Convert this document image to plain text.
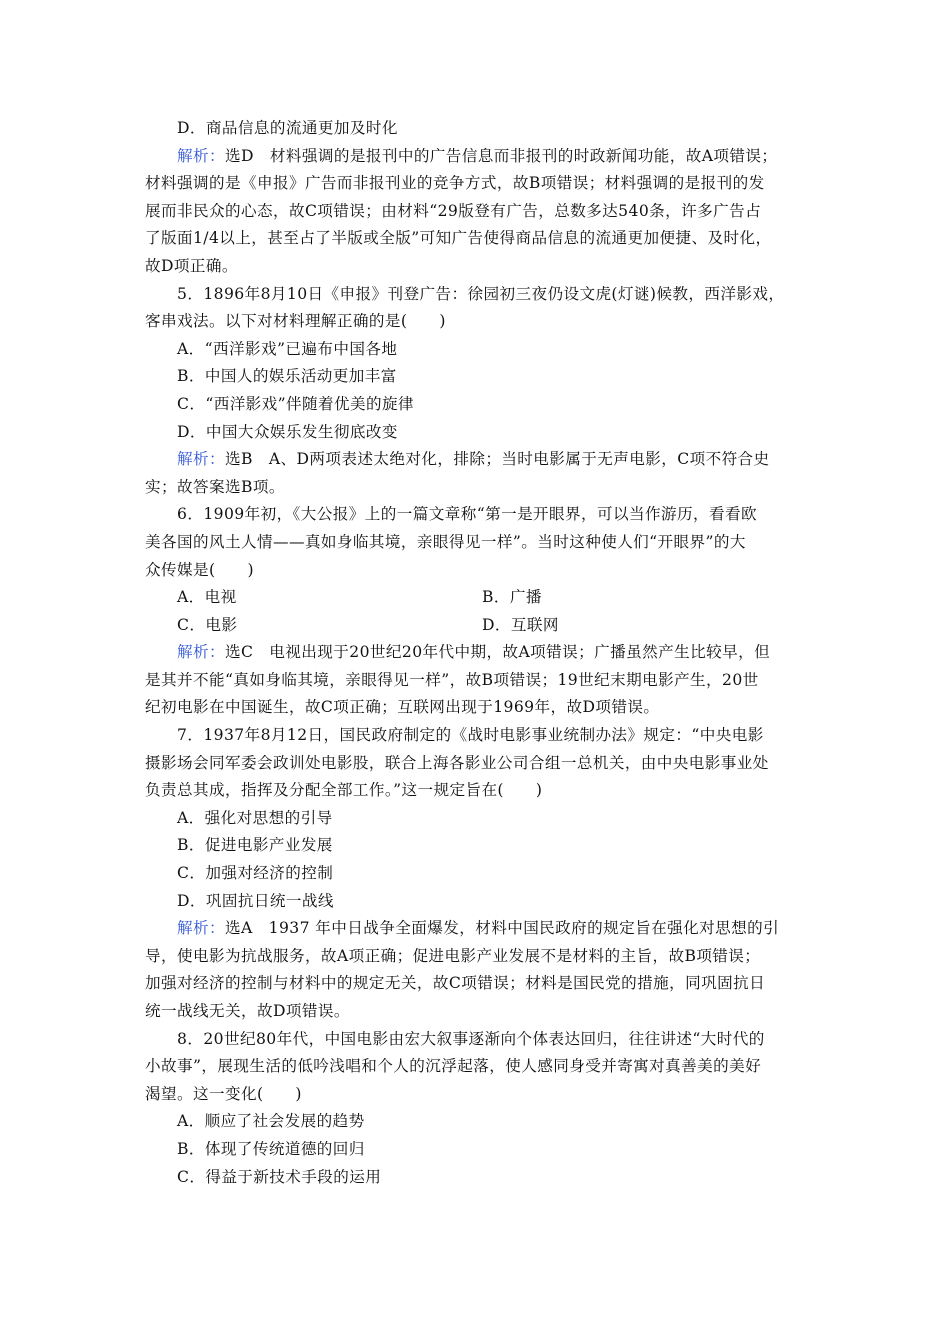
D．商品信息的流通更加及时化
解析：选D　材料强调的是报刊中的广告信息而非报刊的时政新闻功能，故A项错误；
材料强调的是《申报》广告而非报刊业的竞争方式，故B项错误；材料强调的是报刊的发
展而非民众的心态，故C项错误；由材料“29版登有广告，总数多达540条，许多广告占
了版面1/4以上，甚至占了半版或全版”可知广告使得商品信息的流通更加便捷、及时化，
故D项正确。
5．1896年8月10日《申报》刊登广告：徐园初三夜仍设文虎(灯谜)候教，西洋影戏，
客串戏法。以下对材料理解正确的是(　　)
A．“西洋影戏”已遍布中国各地
B．中国人的娱乐活动更加丰富
C．“西洋影戏”伴随着优美的旋律
D．中国大众娱乐发生彻底改变
解析：选B　A、D两项表述太绝对化，排除；当时电影属于无声电影，C项不符合史
实；故答案选B项。
6．1909年初，《大公报》上的一篇文章称“第一是开眼界，可以当作游历，看看欧
美各国的风土人情——真如身临其境，亲眼得见一样”。当时这种使人们“开眼界”的大
众传媒是(　　)
A．电视	B．广播
C．电影	D．互联网
解析：选C　电视出现于20世纪20年代中期，故A项错误；广播虽然产生比较早，但
是其并不能“真如身临其境，亲眼得见一样”，故B项错误；19世纪末期电影产生，20世
纪初电影在中国诞生，故C项正确；互联网出现于1969年，故D项错误。
7．1937年8月12日，国民政府制定的《战时电影事业统制办法》规定：“中央电影
摄影场会同军委会政训处电影股，联合上海各影业公司合组一总机关，由中央电影事业处
负责总其成，指挥及分配全部工作。”这一规定旨在(　　)
A．强化对思想的引导
B．促进电影产业发展
C．加强对经济的控制
D．巩固抗日统一战线
解析：选A　1937 年中日战争全面爆发，材料中国民政府的规定旨在强化对思想的引
导，使电影为抗战服务，故A项正确；促进电影产业发展不是材料的主旨，故B项错误；
加强对经济的控制与材料中的规定无关，故C项错误；材料是国民党的措施，同巩固抗日
统一战线无关，故D项错误。
8．20世纪80年代，中国电影由宏大叙事逐渐向个体表达回归，往往讲述“大时代的
小故事”，展现生活的低吟浅唱和个人的沉浮起落，使人感同身受并寄寓对真善美的美好
渴望。这一变化(　　)
A．顺应了社会发展的趋势
B．体现了传统道德的回归
C．得益于新技术手段的运用
